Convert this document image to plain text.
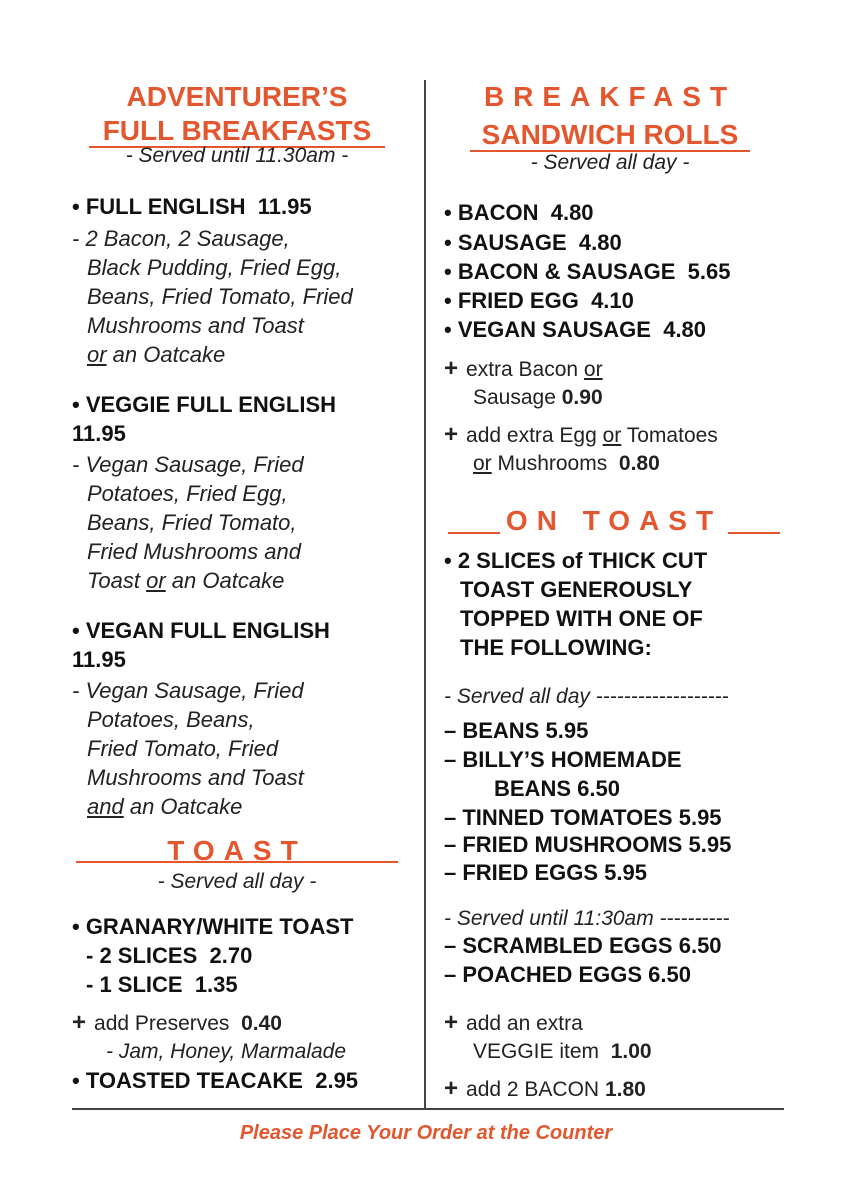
ADVENTURER’S
FULL BREAKFASTS
- Served until 11.30am -
• FULL ENGLISH 11.95
- 2 Bacon, 2 Sausage,
Black Pudding, Fried Egg,
Beans, Fried Tomato, Fried
Mushrooms and Toast
or an Oatcake
• VEGGIE FULL ENGLISH
11.95
- Vegan Sausage, Fried
Potatoes, Fried Egg,
Beans, Fried Tomato,
Fried Mushrooms and
Toast or an Oatcake
• VEGAN FULL ENGLISH
11.95
- Vegan Sausage, Fried
Potatoes, Beans,
Fried Tomato, Fried
Mushrooms and Toast
and an Oatcake
TOAST
- Served all day -
• GRANARY/WHITE TOAST
- 2 SLICES 2.70
- 1 SLICE 1.35
+ add Preserves 0.40
- Jam, Honey, Marmalade
• TOASTED TEACAKE 2.95
BREAKFAST
SANDWICH ROLLS
- Served all day -
• BACON 4.80
• SAUSAGE 4.80
• BACON & SAUSAGE 5.65
• FRIED EGG 4.10
• VEGAN SAUSAGE 4.80
+ extra Bacon or
Sausage 0.90
+ add extra Egg or Tomatoes
or Mushrooms 0.80
ON TOAST
• 2 SLICES of THICK CUT
TOAST GENEROUSLY
TOPPED WITH ONE OF
THE FOLLOWING:
- Served all day -------------------
– BEANS 5.95
– BILLY’S HOMEMADE
BEANS 6.50
– TINNED TOMATOES 5.95
– FRIED MUSHROOMS 5.95
– FRIED EGGS 5.95
- Served until 11:30am ----------
– SCRAMBLED EGGS 6.50
– POACHED EGGS 6.50
+ add an extra
VEGGIE item 1.00
+ add 2 BACON 1.80
Please Place Your Order at the Counter
